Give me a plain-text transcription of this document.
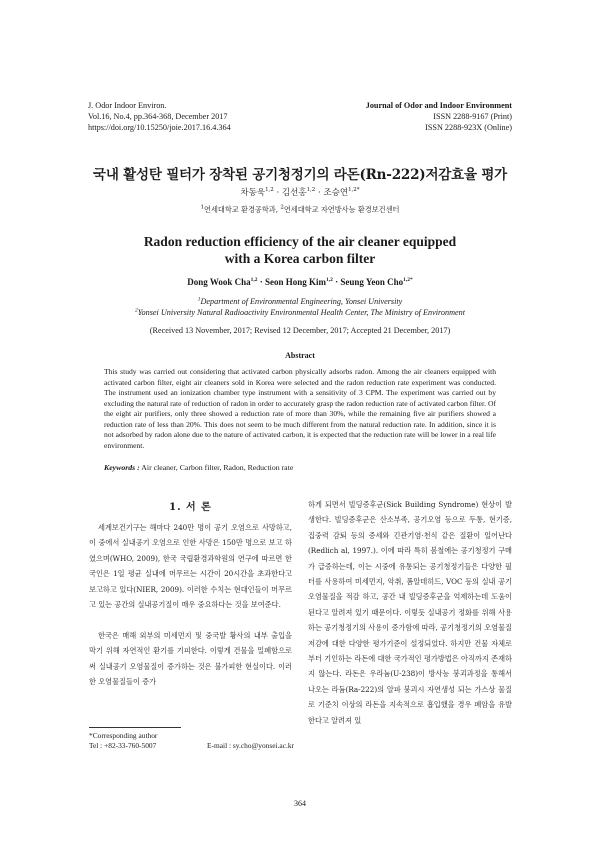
J. Odor Indoor Environ.
Vol.16, No.4, pp.364-368, December 2017
https://doi.org/10.15250/joie.2017.16.4.364
Journal of Odor and Indoor Environment
ISSN 2288-9167 (Print)
ISSN 2288-923X (Online)
국내 활성탄 필터가 장착된 공기청정기의 라돈(Rn-222)저감효율 평가
차동욱$^{1,2}$ · 김선홍$^{1,2}$ · 조승연$^{1,2*}$
$^1$연세대학교 환경공학과, $^2$연세대학교 자연방사능 환경보건센터
Radon reduction efficiency of the air cleaner equipped
with a Korea carbon filter
Dong Wook Cha$^{1,2}$ · Seon Hong Kim$^{1,2}$ · Seung Yeon Cho$^{1,2*}$
$^1$Department of Environmental Engineering, Yonsei University
$^2$Yonsei University Natural Radioactivity Environmental Health Center, The Ministry of Environment
(Received 13 November, 2017; Revised 12 December, 2017; Accepted 21 December, 2017)
Abstract
This study was carried out considering that activated carbon physically adsorbs radon. Among the air cleaners equipped with activated carbon filter, eight air cleaners sold in Korea were selected and the radon reduction rate experiment was conducted. The instrument used an ionization chamber type instrument with a sensitivity of 3 CPM. The experiment was carried out by excluding the natural rate of reduction of radon in order to accurately grasp the radon reduction rate of activated carbon filter. Of the eight air purifiers, only three showed a reduction rate of more than 30%, while the remaining five air purifiers showed a reduction rate of less than 20%. This does not seem to be much different from the natural reduction rate. In addition, since it is not adsorbed by radon alone due to the nature of activated carbon, it is expected that the reduction rate will be lower in a real life environment.
Keywords : Air cleaner, Carbon filter, Radon, Reduction rate
1. 서 론

세계보건기구는 해마다 240만 명이 공기 오염으로 사망하고, 이 중에서 실내공기 오염으로 인한 사망은 150만 명으로 보고 하였으며(WHO, 2009), 한국 국립환경과학원의 연구에 따르면 한국인은 1일 평균 실내에 머무르는 시간이 20시간을 초과한다고 보고하고 있다(NIER, 2009). 이러한 수치는 현대인들이 머무르고 있는 공간의 실내공기질이 매우 중요하다는 것을 보여준다.

한국은 매해 외부의 미세먼지 및 중국발 황사의 내부 출입을 막기 위해 자연적인 환기를 기피한다. 이렇게 건물을 밀폐함으로써 실내공기 오염물질이 증가하는 것은 불가피한 현실이다. 이러한 오염물질들이 증가

하게 되면서 빌딩증후군(Sick Building Syndrome) 현상이 발생한다. 빌딩증후군은 산소부족, 공기오염 등으로 두통, 현기증, 집중력 감퇴 등의 증세와 긴관기염·천식 같은 질환이 일어난다(Redlich al, 1997.). 이에 따라 특히 봄철에는 공기청정기 구매가 급증하는데, 이는 시중에 유통되는 공기청정기들은 다양한 필터를 사용하여 미세먼지, 악취, 폼알데히드, VOC 등의 실내 공기오염물질을 적감 하고, 공간 내 빌딩증후군을 억제하는데 도움이 된다고 알려져 있기 때문이다. 이렇듯 실내공기 정화를 위해 사용하는 공기청정기의 사용이 증가함에 따라, 공기청정기의 오염물질 저감에 대한 다양한 평가기준이 설정되었다. 하지만 건물 자체로부터 기인하는 라돈에 대한 국가적인 평가방법은 아직까지 존재하지 않는다. 라돈은 우라늄(U-238)이 방사능 붕괴과정을 통해서 나오는 라듐(Ra-222)의 알파 붕괴시 자연생성 되는 가스상 물질로 기준치 이상의 라돈을 지속적으로 흡입했을 경우 폐암을 유발한다고 알려져 있

*Corresponding author
Tel : +82-33-760-5007	E-mail : sy.cho@yonsei.ac.kr
364
